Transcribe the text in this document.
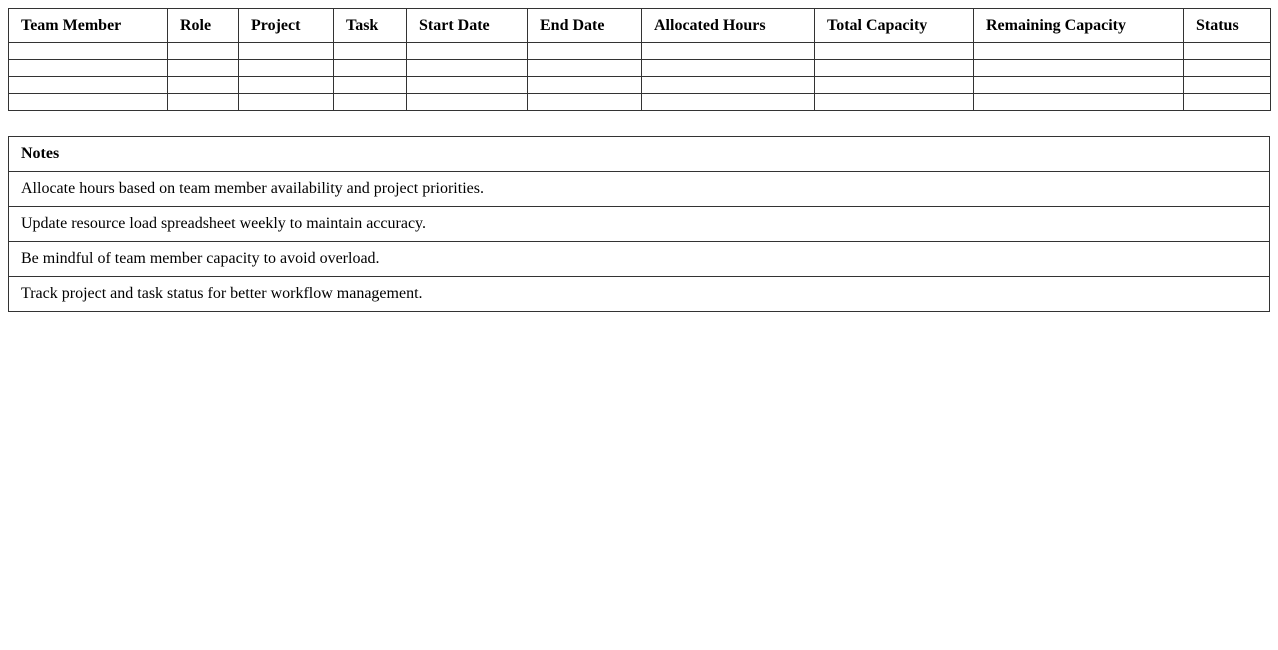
Team Member	Role	Project	Task	Start Date	End Date	Allocated Hours	Total Capacity	Remaining Capacity	Status

Notes
Allocate hours based on team member availability and project priorities.
Update resource load spreadsheet weekly to maintain accuracy.
Be mindful of team member capacity to avoid overload.
Track project and task status for better workflow management.
